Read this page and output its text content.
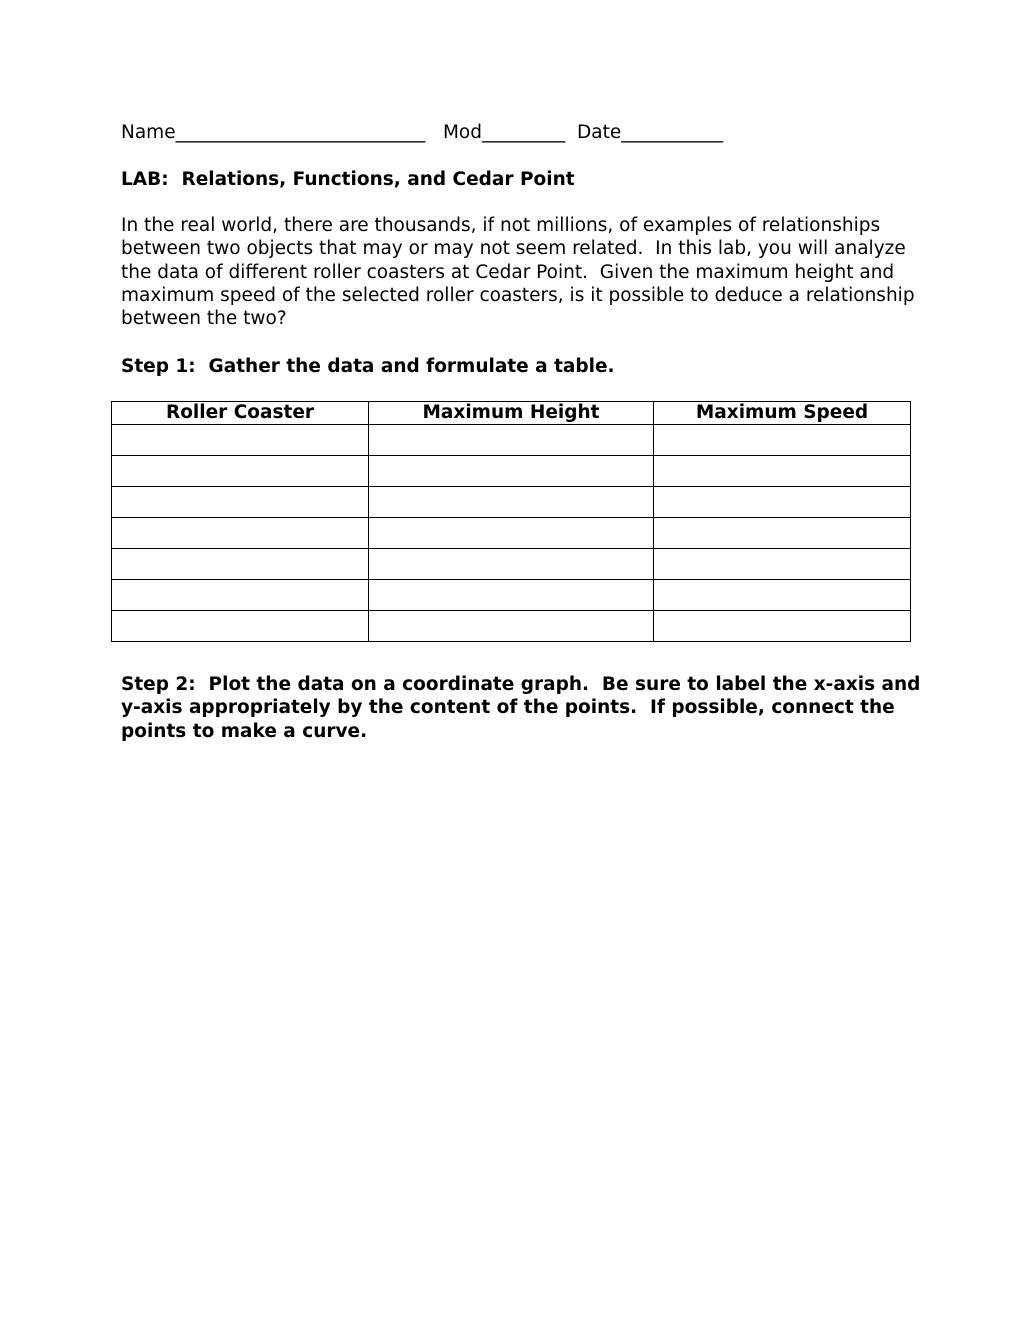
Name___________________________   Mod_________  Date___________
LAB:  Relations, Functions, and Cedar Point
In the real world, there are thousands, if not millions, of examples of relationships
between two objects that may or may not seem related.  In this lab, you will analyze
the data of different roller coasters at Cedar Point.  Given the maximum height and
maximum speed of the selected roller coasters, is it possible to deduce a relationship
between the two?
Step 1:  Gather the data and formulate a table.
Roller Coaster	Maximum Height	Maximum Speed

Step 2:  Plot the data on a coordinate graph.  Be sure to label the x-axis and
y-axis appropriately by the content of the points.  If possible, connect the
points to make a curve.
